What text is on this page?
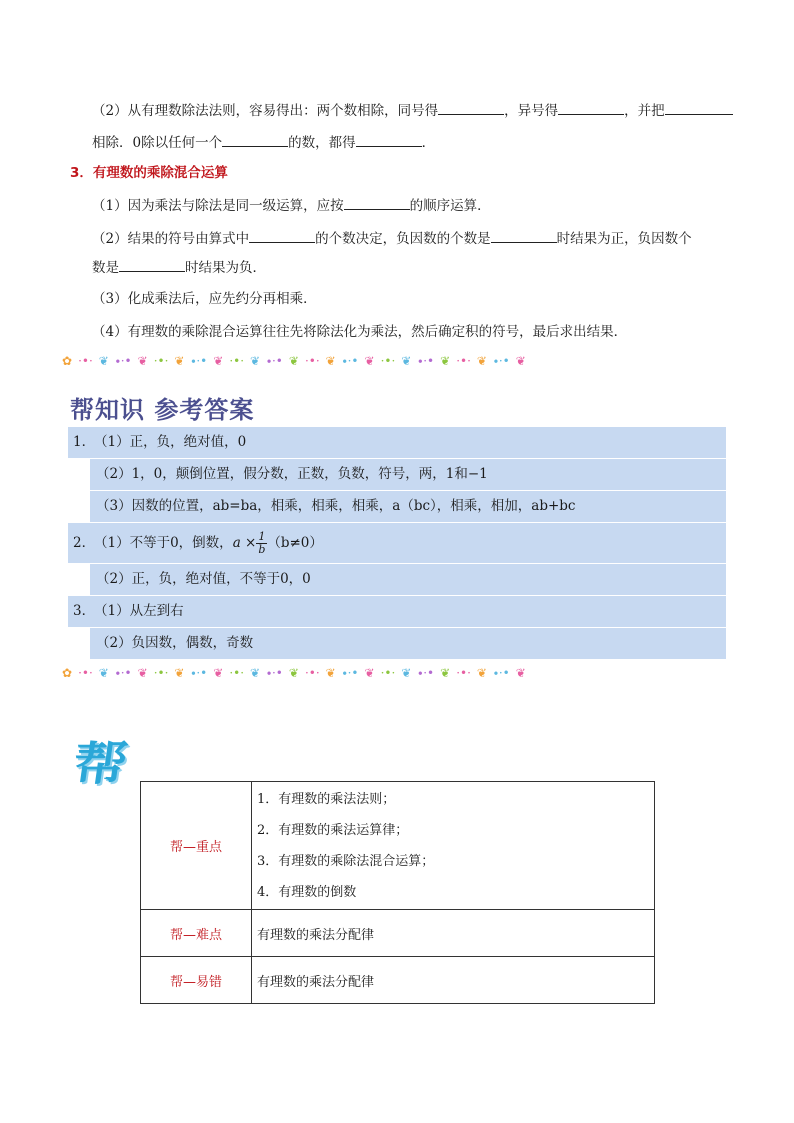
（2）从有理数除法法则，容易得出：两个数相除，同号得	，异号得	，并把
相除．0除以任何一个	的数，都得	．
3．有理数的乘除混合运算
（1）因为乘法与除法是同一级运算，应按	的顺序运算．
（2）结果的符号由算式中	的个数决定，负因数的个数是	时结果为正，负因数个
数是	时结果为负．
（3）化成乘法后，应先约分再相乘．
（4）有理数的乘除混合运算往往先将除法化为乘法，然后确定积的符号，最后求出结果．
✿ ·•· ❦ ∙·• ❦ ·•· ❦ ∙·• ❦ ·•· ❦ ∙·• ❦ ·•· ❦ ∙·• ❦ ·•· ❦ ∙·• ❦ ·•· ❦ ∙·• ❦
帮知识 参考答案
1．
（1）正，负，绝对值，0
（2）1，0，颠倒位置，假分数，正数，负数，符号，两，1和−1
（3）因数的位置，ab=ba，相乘，相乘，相乘，a（bc），相乘，相加，ab+bc
2．
（1）不等于0，倒数，$a \times \frac{1}{b} (b\ne 0)$
（2）正，负，绝对值，不等于0，0
3．
（1）从左到右
（2）负因数，偶数，奇数
✿ ·•· ❦ ∙·• ❦ ·•· ❦ ∙·• ❦ ·•· ❦ ∙·• ❦ ·•· ❦ ∙·• ❦ ·•· ❦ ∙·• ❦ ·•· ❦ ∙·• ❦
帮
帮—重点	1．有理数的乘法法则；
2．有理数的乘法运算律；
3．有理数的乘除法混合运算；
4．有理数的倒数

帮—难点	有理数的乘法分配律
帮—易错	有理数的乘法分配律
